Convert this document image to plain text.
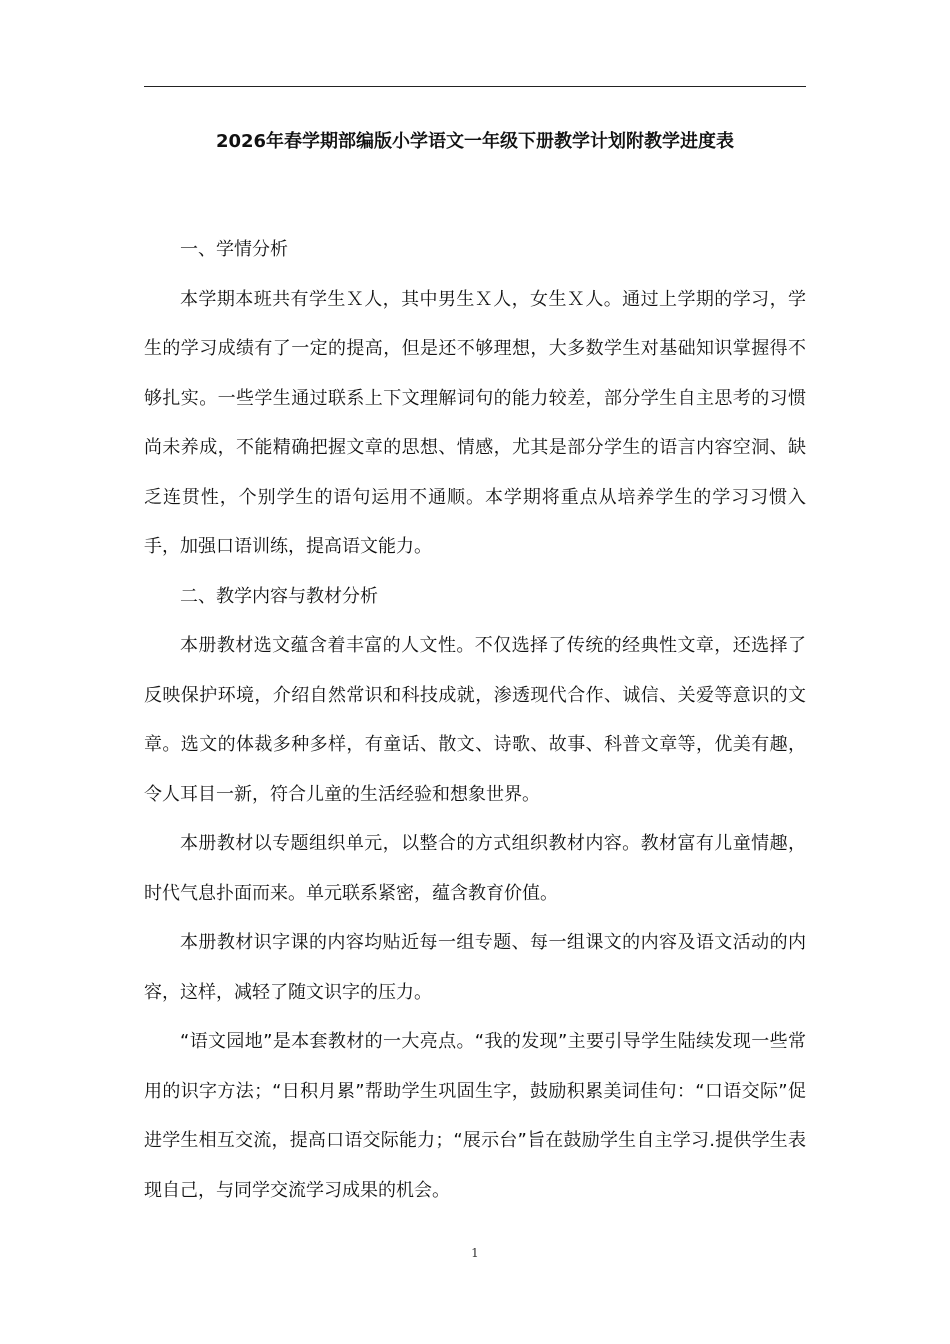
2026年春学期部编版小学语文一年级下册教学计划附教学进度表

一、学情分析

本学期本班共有学生Ｘ人，其中男生Ｘ人，女生Ｘ人。通过上学期的学习，学生的学习成绩有了一定的提高，但是还不够理想，大多数学生对基础知识掌握得不够扎实。一些学生通过联系上下文理解词句的能力较差，部分学生自主思考的习惯尚未养成，不能精确把握文章的思想、情感，尤其是部分学生的语言内容空洞、缺乏连贯性，个别学生的语句运用不通顺。本学期将重点从培养学生的学习习惯入手，加强口语训练，提高语文能力。

二、教学内容与教材分析

本册教材选文蕴含着丰富的人文性。不仅选择了传统的经典性文章，还选择了反映保护环境，介绍自然常识和科技成就，渗透现代合作、诚信、关爱等意识的文章。选文的体裁多种多样，有童话、散文、诗歌、故事、科普文章等，优美有趣，令人耳目一新，符合儿童的生活经验和想象世界。

本册教材以专题组织单元，以整合的方式组织教材内容。教材富有儿童情趣，时代气息扑面而来。单元联系紧密，蕴含教育价值。

本册教材识字课的内容均贴近每一组专题、每一组课文的内容及语文活动的内容，这样，减轻了随文识字的压力。

“语文园地”是本套教材的一大亮点。“我的发现”主要引导学生陆续发现一些常用的识字方法；“日积月累”帮助学生巩固生字，鼓励积累美词佳句：“口语交际”促进学生相互交流，提高口语交际能力；“展示台”旨在鼓励学生自主学习.提供学生表现自己，与同学交流学习成果的机会。

1
